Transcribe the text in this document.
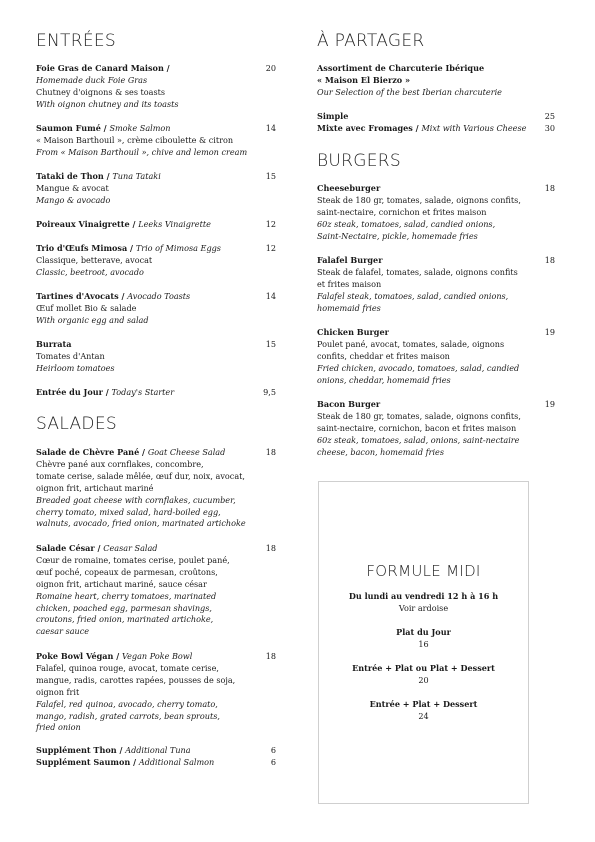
ENTRÉES
Foie Gras de Canard Maison /	20
Homemade duck Foie Gras
Chutney d'oignons & ses toasts
With oignon chutney and its toasts
Saumon Fumé / Smoke Salmon	14
« Maison Barthouil », crème ciboulette & citron
From « Maison Barthouil », chive and lemon cream
Tataki de Thon / Tuna Tataki	15
Mangue & avocat
Mango & avocado
Poireaux Vinaigrette / Leeks Vinaigrette	12
Trio d'Œufs Mimosa / Trio of Mimosa Eggs	12
Classique, betterave, avocat
Classic, beetroot, avocado
Tartines d'Avocats / Avocado Toasts	14
Œuf mollet Bio & salade
With organic egg and salad
Burrata	15
Tomates d'Antan
Heirloom tomatoes
Entrée du Jour / Today's Starter	9,5
SALADES
Salade de Chèvre Pané / Goat Cheese Salad	18
Chèvre pané aux cornflakes, concombre,
tomate cerise, salade mêlée, œuf dur, noix, avocat,
oignon frit, artichaut mariné
Breaded goat cheese with cornflakes, cucumber,
cherry tomato, mixed salad, hard-boiled egg,
walnuts, avocado, fried onion, marinated artichoke
Salade César / Ceasar Salad	18
Cœur de romaine, tomates cerise, poulet pané,
œuf poché, copeaux de parmesan, croûtons,
oignon frit, artichaut mariné, sauce césar
Romaine heart, cherry tomatoes, marinated
chicken, poached egg, parmesan shavings,
croutons, fried onion, marinated artichoke,
caesar sauce
Poke Bowl Végan / Vegan Poke Bowl	18
Falafel, quinoa rouge, avocat, tomate cerise,
mangue, radis, carottes rapées, pousses de soja,
oignon frit
Falafel, red quinoa, avocado, cherry tomato,
mango, radish, grated carrots, bean sprouts,
fried onion
Supplément Thon / Additional Tuna	6
Supplément Saumon / Additional Salmon	6
À PARTAGER
Assortiment de Charcuterie Ibérique
« Maison El Bierzo »
Our Selection of the best Iberian charcuterie
Simple	25
Mixte avec Fromages / Mixt with Various Cheese	30
BURGERS
Cheeseburger	18
Steak de 180 gr, tomates, salade, oignons confits,
saint-nectaire, cornichon et frites maison
60z steak, tomatoes, salad, candied onions,
Saint-Nectaire, pickle, homemade fries
Falafel Burger	18
Steak de falafel, tomates, salade, oignons confits
et frites maison
Falafel steak, tomatoes, salad, candied onions,
homemaid fries
Chicken Burger	19
Poulet pané, avocat, tomates, salade, oignons
confits, cheddar et frites maison
Fried chicken, avocado, tomatoes, salad, candied
onions, cheddar, homemaid fries
Bacon Burger	19
Steak de 180 gr, tomates, salade, oignons confits,
saint-nectaire, cornichon, bacon et frites maison
60z steak, tomatoes, salad, onions, saint-nectaire
cheese, bacon, homemaid fries
FORMULE MIDI
Du lundi au vendredi 12 h à 16 h
Voir ardoise
Plat du Jour
16
Entrée + Plat ou Plat + Dessert
20
Entrée + Plat + Dessert
24
